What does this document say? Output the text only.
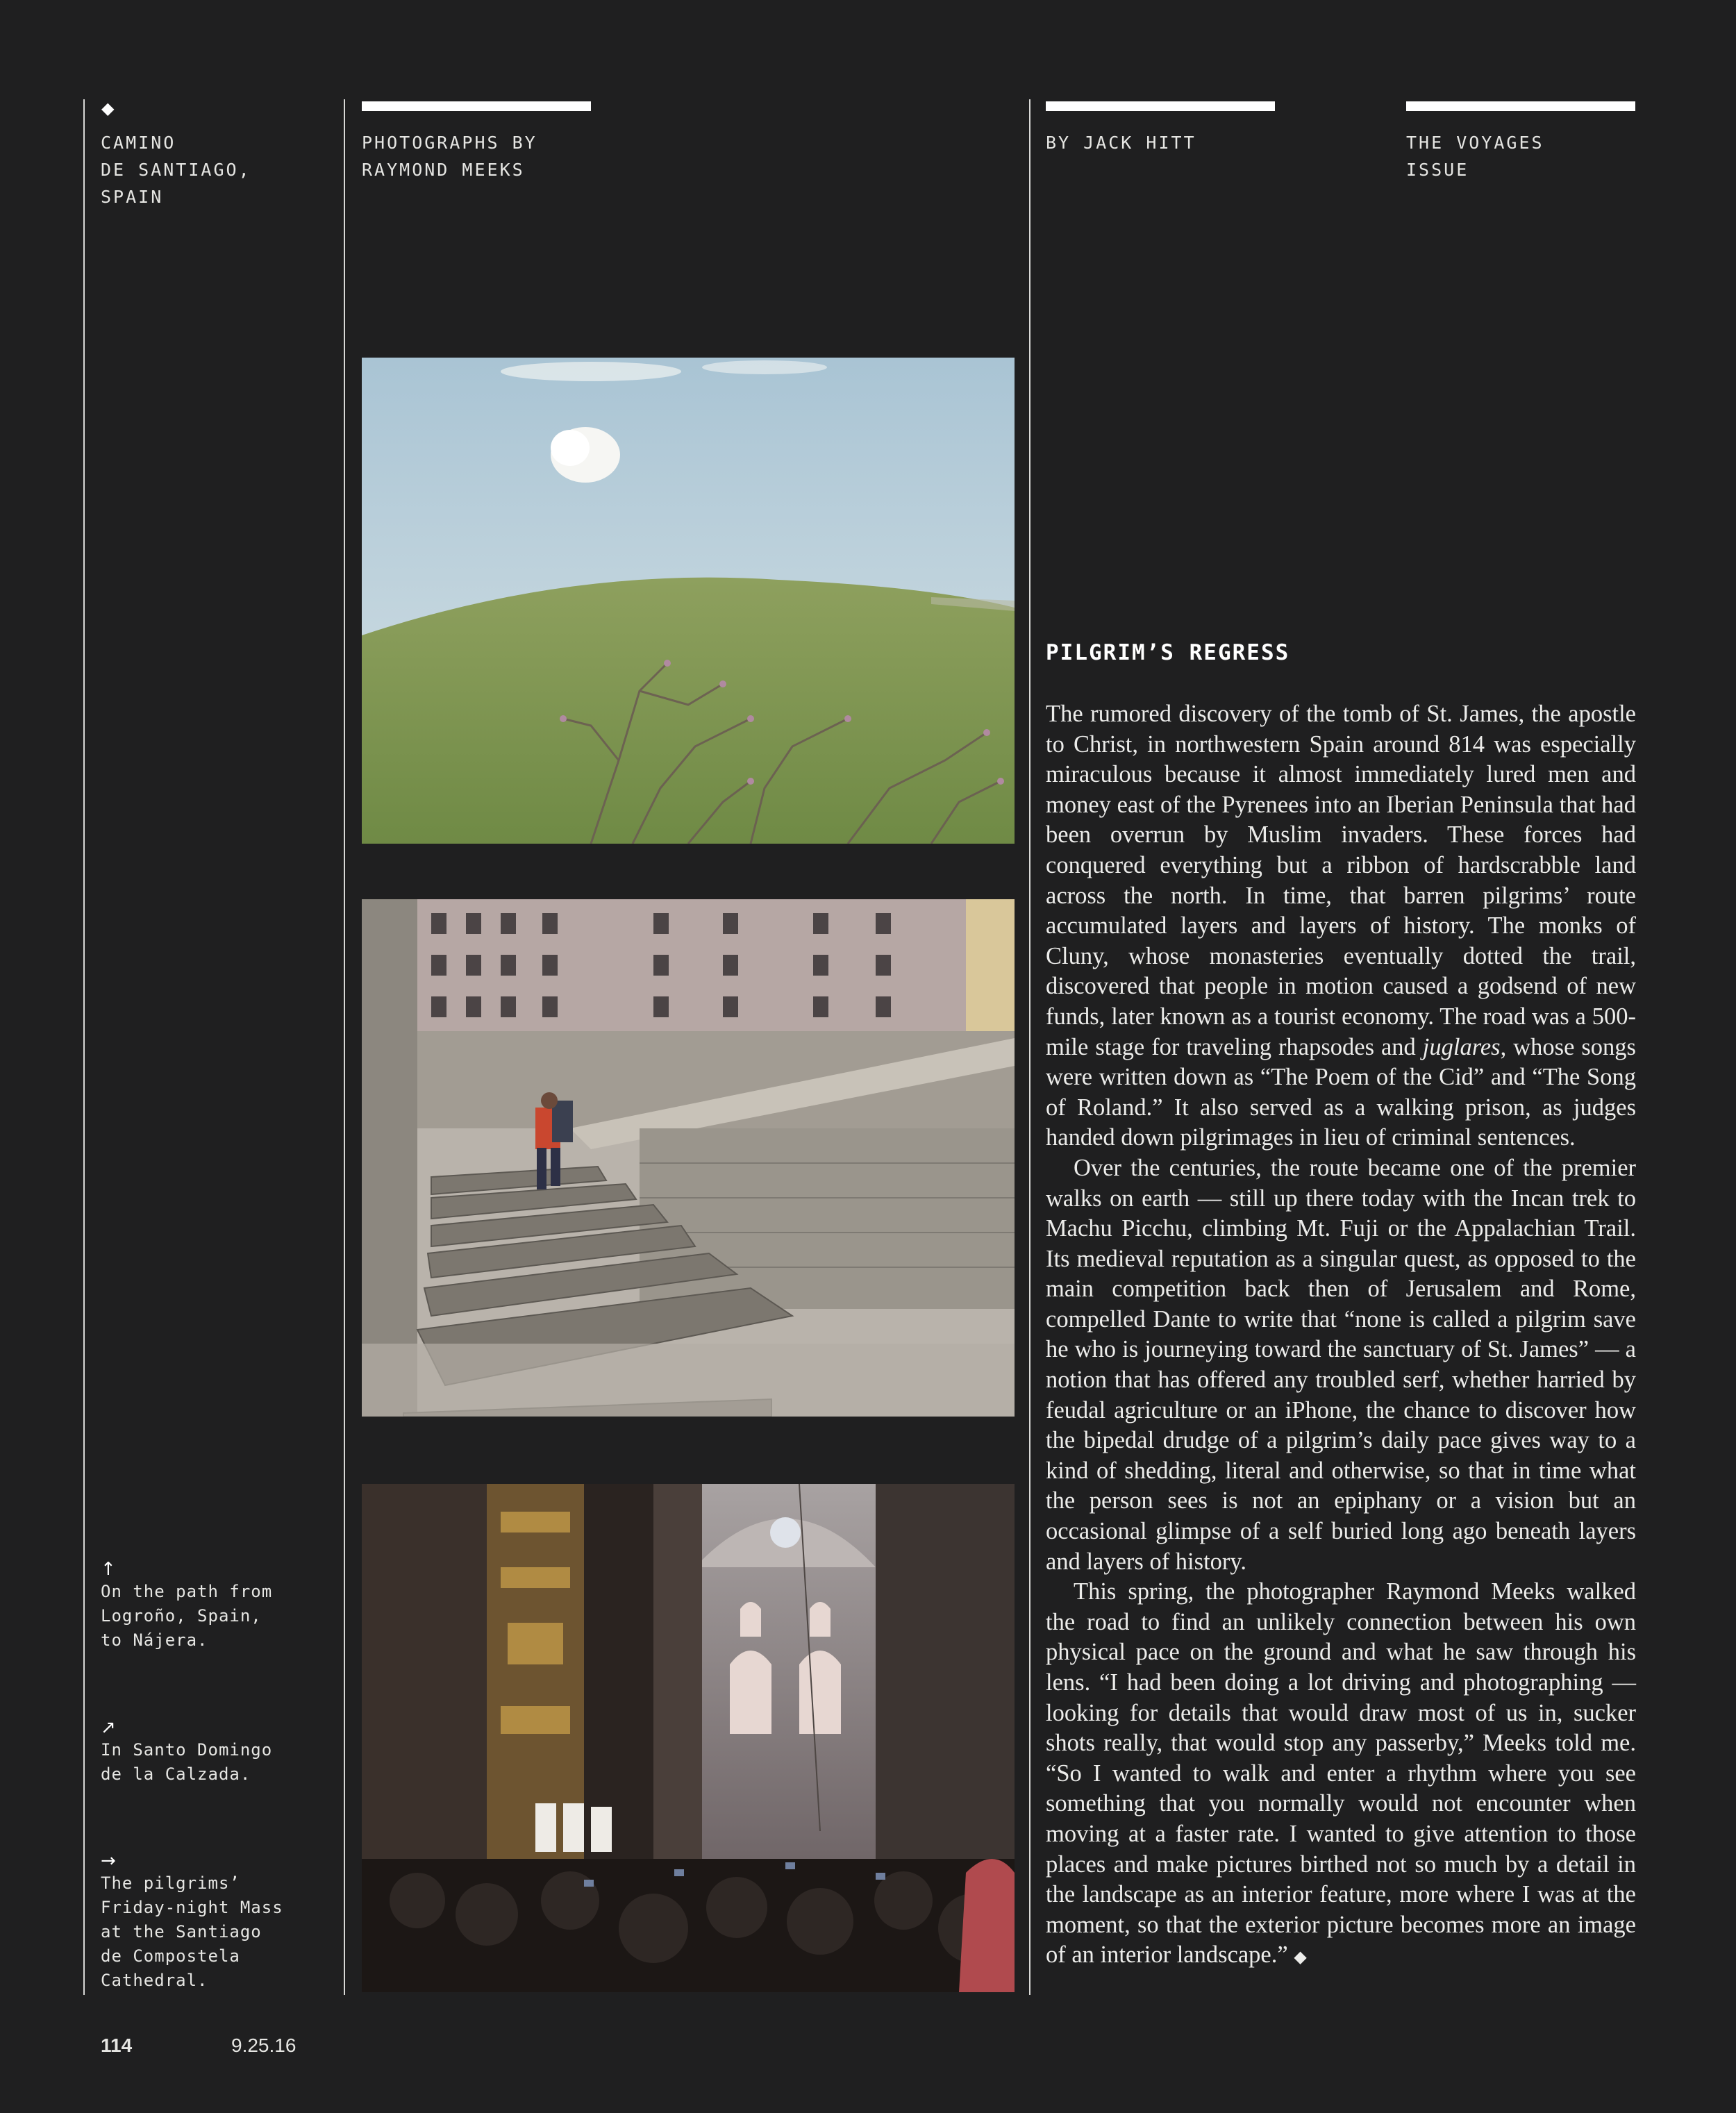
◆
CAMINO
DE SANTIAGO,
SPAIN
PHOTOGRAPHS BY
RAYMOND MEEKS
BY JACK HITT	THE VOYAGES
ISSUE
↑
On the path from
Logroño, Spain,
to Nájera.
↗
In Santo Domingo
de la Calzada.
→
The pilgrims’
Friday-night Mass
at the Santiago
de Compostela
Cathedral.
PILGRIM’S REGRESS

The rumored discovery of the tomb of St. James, the apostle to Christ, in northwestern Spain around 814 was especially miraculous because it almost immediately lured men and money east of the Pyrenees into an Iberian Peninsula that had been overrun by Muslim invaders. These forces had conquered everything but a ribbon of hardscrabble land across the north. In time, that barren pilgrims’ route accumulated layers and layers of history. The monks of Cluny, whose monasteries eventually dotted the trail, discovered that people in motion caused a godsend of new funds, later known as a tourist economy. The road was a 500-mile stage for traveling rhapsodes and juglares, whose songs were written down as “The Poem of the Cid” and “The Song of Roland.” It also served as a walking prison, as judges handed down pilgrimages in lieu of criminal sentences.

Over the centuries, the route became one of the premier walks on earth — still up there today with the Incan trek to Machu Picchu, climbing Mt. Fuji or the Appalachian Trail. Its medieval reputation as a singular quest, as opposed to the main competition back then of Jerusalem and Rome, compelled Dante to write that “none is called a pilgrim save he who is journeying toward the sanctuary of St. James” — a notion that has offered any troubled serf, whether harried by feudal agriculture or an iPhone, the chance to discover how the bipedal drudge of a pilgrim’s daily pace gives way to a kind of shedding, literal and otherwise, so that in time what the person sees is not an epiphany or a vision but an occasional glimpse of a self buried long ago beneath layers and layers of history.

This spring, the photographer Raymond Meeks walked the road to find an unlikely connection between his own physical pace on the ground and what he saw through his lens. “I had been doing a lot driving and photographing — looking for details that would draw most of us in, sucker shots really, that would stop any passerby,” Meeks told me. “So I wanted to walk and enter a rhythm where you see something that you normally would not encounter when moving at a faster rate. I wanted to give attention to those places and make pictures birthed not so much by a detail in the landscape as an interior feature, more where I was at the moment, so that the exterior picture becomes more an image of an interior landscape.” ◆

114	9.25.16
